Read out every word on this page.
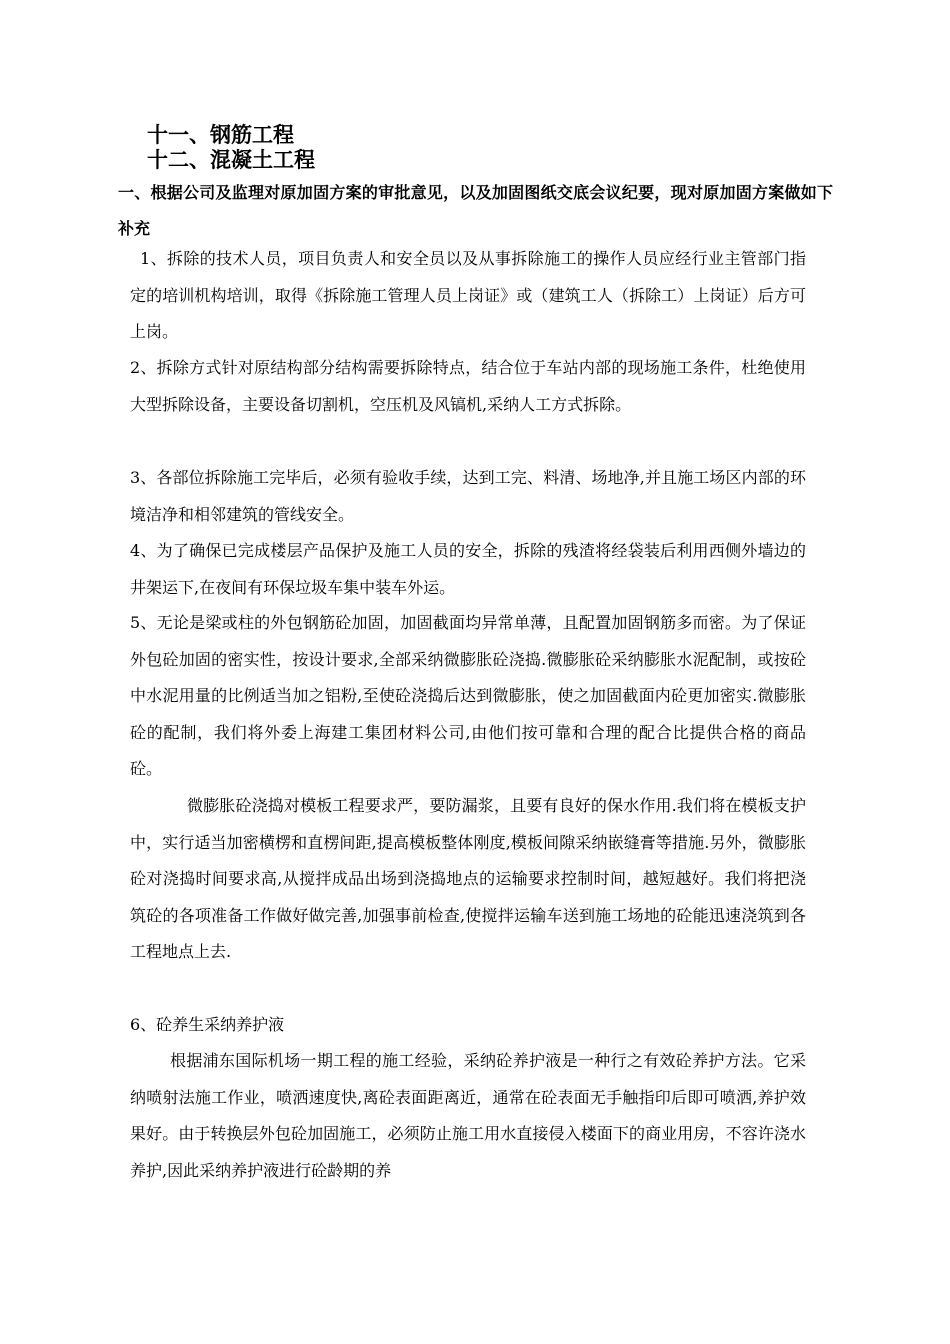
十一、钢筋工程
十二、混凝土工程
一、根据公司及监理对原加固方案的审批意见，以及加固图纸交底会议纪要，现对原加固方案做如下补充
1、拆除的技术人员，项目负责人和安全员以及从事拆除施工的操作人员应经行业主管部门指定的培训机构培训，取得《拆除施工管理人员上岗证》或（建筑工人（拆除工）上岗证）后方可上岗。
2、拆除方式针对原结构部分结构需要拆除特点，结合位于车站内部的现场施工条件，杜绝使用大型拆除设备，主要设备切割机，空压机及风镐机,采纳人工方式拆除。
3、各部位拆除施工完毕后，必须有验收手续，达到工完、料清、场地净,并且施工场区内部的环境洁净和相邻建筑的管线安全。
4、为了确保已完成楼层产品保护及施工人员的安全，拆除的残渣将经袋装后利用西侧外墙边的井架运下,在夜间有环保垃圾车集中装车外运。
5、无论是梁或柱的外包钢筋砼加固，加固截面均异常单薄，且配置加固钢筋多而密。为了保证外包砼加固的密实性，按设计要求,全部采纳微膨胀砼浇捣.微膨胀砼采纳膨胀水泥配制，或按砼中水泥用量的比例适当加之铝粉,至使砼浇捣后达到微膨胀，使之加固截面内砼更加密实.微膨胀砼的配制，我们将外委上海建工集团材料公司,由他们按可靠和合理的配合比提供合格的商品砼。
微膨胀砼浇捣对模板工程要求严，要防漏浆，且要有良好的保水作用.我们将在模板支护中，实行适当加密横楞和直楞间距,提高模板整体刚度,模板间隙采纳嵌缝膏等措施.另外，微膨胀砼对浇捣时间要求高,从搅拌成品出场到浇捣地点的运输要求控制时间，越短越好。我们将把浇筑砼的各项准备工作做好做完善,加强事前检查,使搅拌运输车送到施工场地的砼能迅速浇筑到各工程地点上去.
6、砼养生采纳养护液
根据浦东国际机场一期工程的施工经验，采纳砼养护液是一种行之有效砼养护方法。它采纳喷射法施工作业，喷洒速度快,离砼表面距离近，通常在砼表面无手触指印后即可喷洒,养护效果好。由于转换层外包砼加固施工，必须防止施工用水直接侵入楼面下的商业用房，不容许浇水养护,因此采纳养护液进行砼龄期的养
